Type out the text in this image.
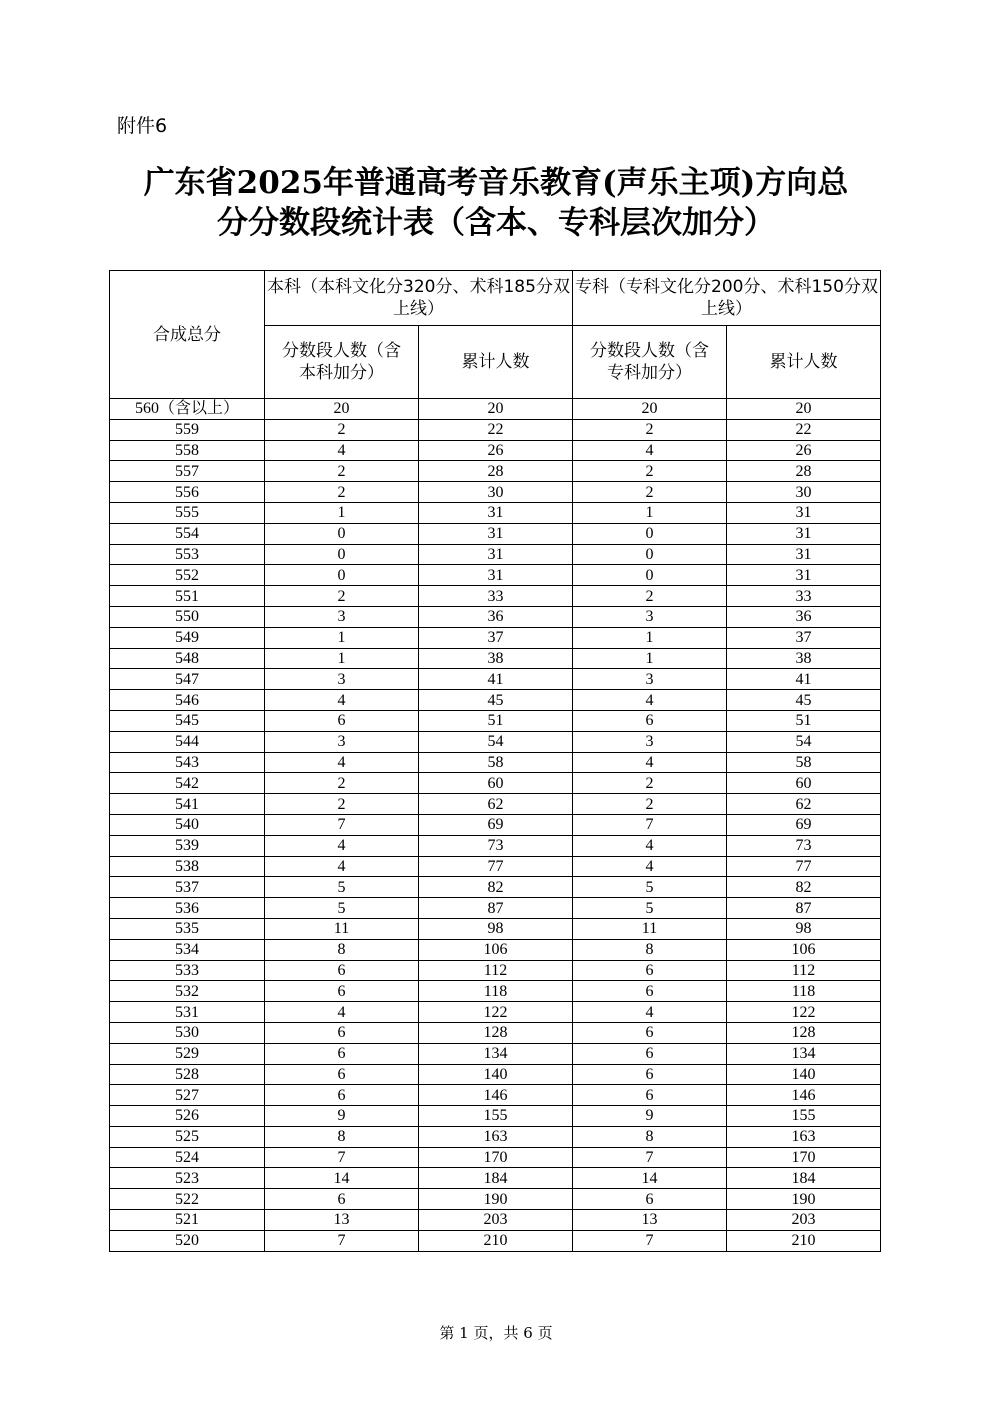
附件6
广东省2025年普通高考音乐教育(声乐主项)方向总
分分数段统计表（含本、专科层次加分）
合成总分	本科（本科文化分320分、术科185分双上线）		专科（专科文化分200分、术科150分双上线）	
	分数段人数（含本科加分）	累计人数	分数段人数（含专科加分）	累计人数
560（含以上）	20	20	20	20
559	2	22	2	22
558	4	26	4	26
557	2	28	2	28
556	2	30	2	30
555	1	31	1	31
554	0	31	0	31
553	0	31	0	31
552	0	31	0	31
551	2	33	2	33
550	3	36	3	36
549	1	37	1	37
548	1	38	1	38
547	3	41	3	41
546	4	45	4	45
545	6	51	6	51
544	3	54	3	54
543	4	58	4	58
542	2	60	2	60
541	2	62	2	62
540	7	69	7	69
539	4	73	4	73
538	4	77	4	77
537	5	82	5	82
536	5	87	5	87
535	11	98	11	98
534	8	106	8	106
533	6	112	6	112
532	6	118	6	118
531	4	122	4	122
530	6	128	6	128
529	6	134	6	134
528	6	140	6	140
527	6	146	6	146
526	9	155	9	155
525	8	163	8	163
524	7	170	7	170
523	14	184	14	184
522	6	190	6	190
521	13	203	13	203
520	7	210	7	210
第 1 页，共 6 页
